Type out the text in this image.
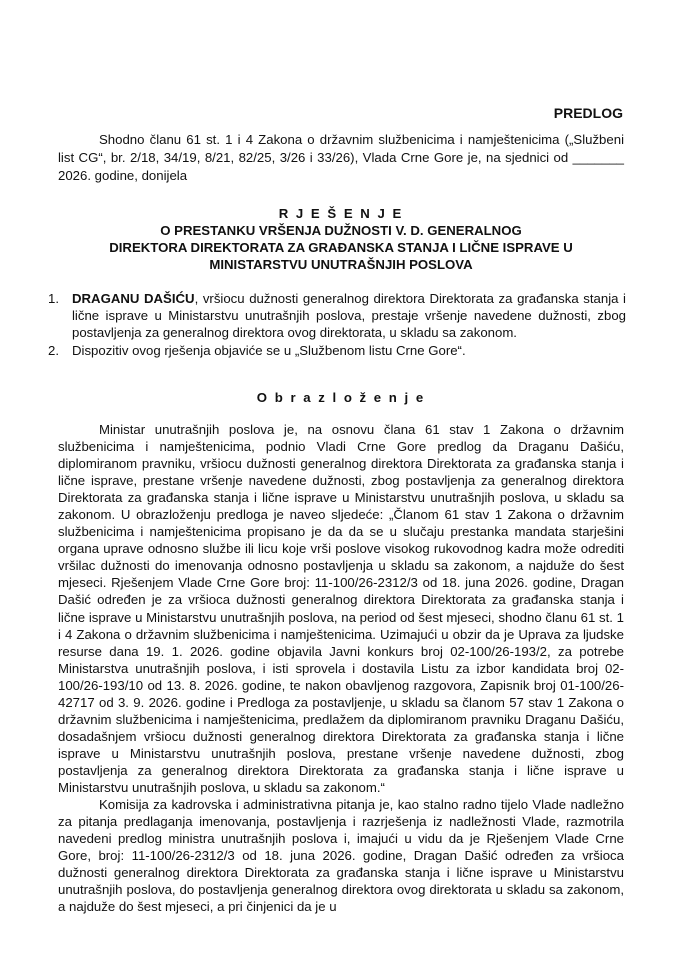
PREDLOG
Shodno članu 61 st. 1 i 4 Zakona o državnim službenicima i namještenicima („Službeni list CG“, br. 2/18, 34/19, 8/21, 82/25, 3/26 i 33/26), Vlada Crne Gore je, na sjednici od _______ 2026. godine, donijela
R J E Š E N J E
O PRESTANKU VRŠENJA DUŽNOSTI V. D. GENERALNOG
DIREKTORA DIREKTORATA ZA GRAĐANSKA STANJA I LIČNE ISPRAVE U
MINISTARSTVU UNUTRAŠNJIH POSLOVA
1. DRAGANU DAŠIĆU, vršiocu dužnosti generalnog direktora Direktorata za građanska stanja i lične isprave u Ministarstvu unutrašnjih poslova, prestaje vršenje navedene dužnosti, zbog postavljenja za generalnog direktora ovog direktorata, u skladu sa zakonom.
2. Dispozitiv ovog rješenja objaviće se u „Službenom listu Crne Gore“.
O b r a z l o ž e n j e

Ministar unutrašnjih poslova je, na osnovu člana 61 stav 1 Zakona o državnim službenicima i namještenicima, podnio Vladi Crne Gore predlog da Draganu Dašiću, diplomiranom pravniku, vršiocu dužnosti generalnog direktora Direktorata za građanska stanja i lične isprave, prestane vršenje navedene dužnosti, zbog postavljenja za generalnog direktora Direktorata za građanska stanja i lične isprave u Ministarstvu unutrašnjih poslova, u skladu sa zakonom. U obrazloženju predloga je naveo sljedeće: „Članom 61 stav 1 Zakona o državnim službenicima i namještenicima propisano je da da se u slučaju prestanka mandata starješini organa uprave odnosno službe ili licu koje vrši poslove visokog rukovodnog kadra može odrediti vršilac dužnosti do imenovanja odnosno postavljenja u skladu sa zakonom, a najduže do šest mjeseci. Rješenjem Vlade Crne Gore broj: 11-100/26-2312/3 od 18. juna 2026. godine, Dragan Dašić određen je za vršioca dužnosti generalnog direktora Direktorata za građanska stanja i lične isprave u Ministarstvu unutrašnjih poslova, na period od šest mjeseci, shodno članu 61 st. 1 i 4 Zakona o državnim službenicima i namještenicima. Uzimajući u obzir da je Uprava za ljudske resurse dana 19. 1. 2026. godine objavila Javni konkurs broj 02-100/26-193/2, za potrebe Ministarstva unutrašnjih poslova, i isti sprovela i dostavila Listu za izbor kandidata broj 02-100/26-193/10 od 13. 8. 2026. godine, te nakon obavljenog razgovora, Zapisnik broj 01-100/26-42717 od 3. 9. 2026. godine i Predloga za postavljenje, u skladu sa članom 57 stav 1 Zakona o državnim službenicima i namještenicima, predlažem da diplomiranom pravniku Draganu Dašiću, dosadašnjem vršiocu dužnosti generalnog direktora Direktorata za građanska stanja i lične isprave u Ministarstvu unutrašnjih poslova, prestane vršenje navedene dužnosti, zbog postavljenja za generalnog direktora Direktorata za građanska stanja i lične isprave u Ministarstvu unutrašnjih poslova, u skladu sa zakonom.“

Komisija za kadrovska i administrativna pitanja je, kao stalno radno tijelo Vlade nadležno za pitanja predlaganja imenovanja, postavljenja i razrješenja iz nadležnosti Vlade, razmotrila navedeni predlog ministra unutrašnjih poslova i, imajući u vidu da je Rješenjem Vlade Crne Gore, broj: 11-100/26-2312/3 od 18. juna 2026. godine, Dragan Dašić određen za vršioca dužnosti generalnog direktora Direktorata za građanska stanja i lične isprave u Ministarstvu unutrašnjih poslova, do postavljenja generalnog direktora ovog direktorata u skladu sa zakonom, a najduže do šest mjeseci, a pri činjenici da je u
